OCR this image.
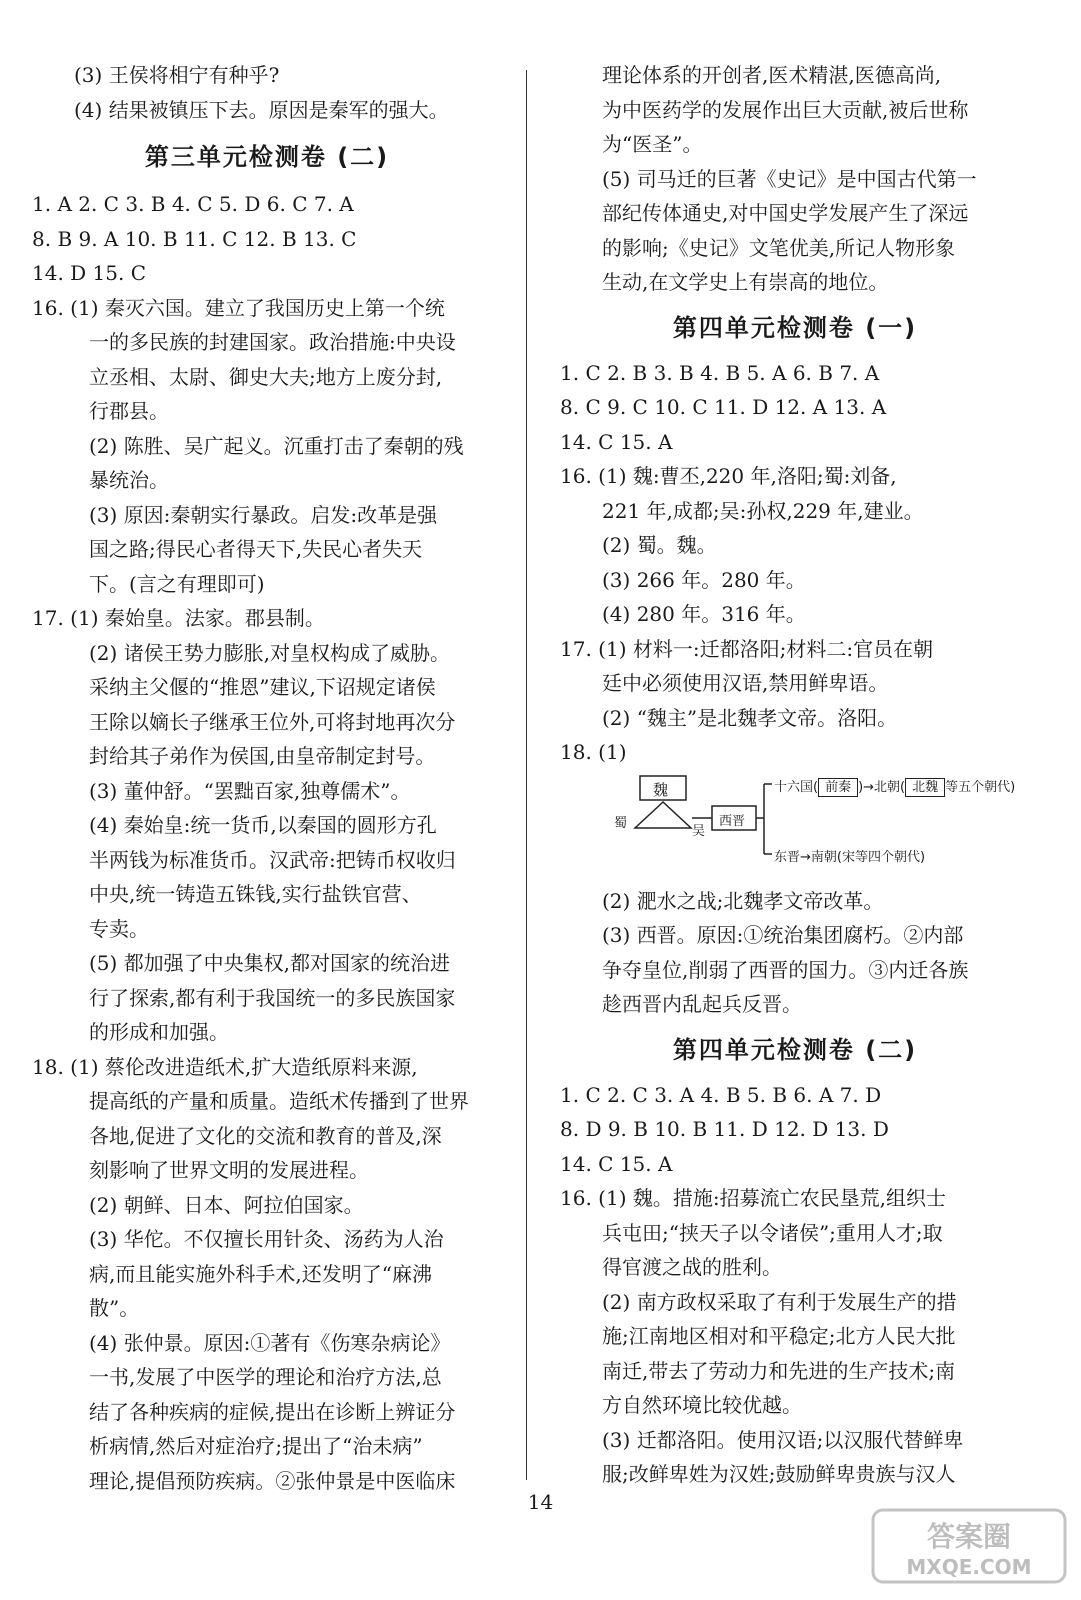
(3) 王侯将相宁有种乎?
(4) 结果被镇压下去。原因是秦军的强大。
第三单元检测卷 (二)
1. A 2. C 3. B 4. C 5. D 6. C 7. A
8. B 9. A 10. B 11. C 12. B 13. C
14. D 15. C
16. (1) 秦灭六国。建立了我国历史上第一个统
一的多民族的封建国家。政治措施:中央设
立丞相、太尉、御史大夫;地方上废分封,
行郡县。
(2) 陈胜、吴广起义。沉重打击了秦朝的残
暴统治。
(3) 原因:秦朝实行暴政。启发:改革是强
国之路;得民心者得天下,失民心者失天
下。(言之有理即可)
17. (1) 秦始皇。法家。郡县制。
(2) 诸侯王势力膨胀,对皇权构成了威胁。
采纳主父偃的“推恩”建议,下诏规定诸侯
王除以嫡长子继承王位外,可将封地再次分
封给其子弟作为侯国,由皇帝制定封号。
(3) 董仲舒。“罢黜百家,独尊儒术”。
(4) 秦始皇:统一货币,以秦国的圆形方孔
半两钱为标准货币。汉武帝:把铸币权收归
中央,统一铸造五铢钱,实行盐铁官营、
专卖。
(5) 都加强了中央集权,都对国家的统治进
行了探索,都有利于我国统一的多民族国家
的形成和加强。
18. (1) 蔡伦改进造纸术,扩大造纸原料来源,
提高纸的产量和质量。造纸术传播到了世界
各地,促进了文化的交流和教育的普及,深
刻影响了世界文明的发展进程。
(2) 朝鲜、日本、阿拉伯国家。
(3) 华佗。不仅擅长用针灸、汤药为人治
病,而且能实施外科手术,还发明了“麻沸
散”。
(4) 张仲景。原因:①著有《伤寒杂病论》
一书,发展了中医学的理论和治疗方法,总
结了各种疾病的症候,提出在诊断上辨证分
析病情,然后对症治疗;提出了“治未病”
理论,提倡预防疾病。②张仲景是中医临床
理论体系的开创者,医术精湛,医德高尚,
为中医药学的发展作出巨大贡献,被后世称
为“医圣”。
(5) 司马迁的巨著《史记》是中国古代第一
部纪传体通史,对中国史学发展产生了深远
的影响;《史记》文笔优美,所记人物形象
生动,在文学史上有崇高的地位。
第四单元检测卷 (一)
1. C 2. B 3. B 4. B 5. A 6. B 7. A
8. C 9. C 10. C 11. D 12. A 13. A
14. C 15. A
16. (1) 魏:曹丕,220 年,洛阳;蜀:刘备,
221 年,成都;吴:孙权,229 年,建业。
(2) 蜀。魏。
(3) 266 年。280 年。
(4) 280 年。316 年。
17. (1) 材料一:迁都洛阳;材料二:官员在朝
廷中必须使用汉语,禁用鲜卑语。
(2) “魏主”是北魏孝文帝。洛阳。
18. (1)
魏
蜀
吴
西晋
十六国( 前秦 )→北朝( 北魏 等五个朝代)
东晋→南朝(宋等四个朝代)
(2) 淝水之战;北魏孝文帝改革。
(3) 西晋。原因:①统治集团腐朽。②内部
争夺皇位,削弱了西晋的国力。③内迁各族
趁西晋内乱起兵反晋。
第四单元检测卷 (二)
1. C 2. C 3. A 4. B 5. B 6. A 7. D
8. D 9. B 10. B 11. D 12. D 13. D
14. C 15. A
16. (1) 魏。措施:招募流亡农民垦荒,组织士
兵屯田;“挟天子以令诸侯”;重用人才;取
得官渡之战的胜利。
(2) 南方政权采取了有利于发展生产的措
施;江南地区相对和平稳定;北方人民大批
南迁,带去了劳动力和先进的生产技术;南
方自然环境比较优越。
(3) 迁都洛阳。使用汉语;以汉服代替鲜卑
服;改鲜卑姓为汉姓;鼓励鲜卑贵族与汉人
14
答案圈
MXQE.COM
